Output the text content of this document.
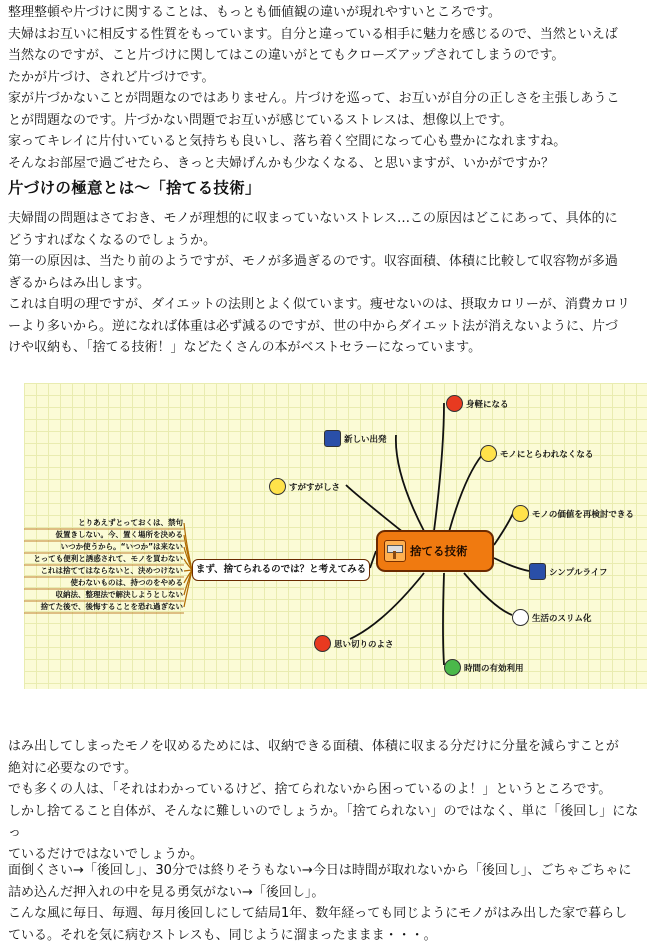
整理整頓や片づけに関することは、もっとも価値観の違いが現れやすいところです。

夫婦はお互いに相反する性質をもっています。自分と違っている相手に魅力を感じるので、当然といえば

当然なのですが、こと片づけに関してはこの違いがとてもクローズアップされてしまうのです。

たかが片づけ、されど片づけです。

家が片づかないことが問題なのではありません。片づけを巡って、お互いが自分の正しさを主張しあうこ

とが問題なのです。片づかない問題でお互いが感じているストレスは、想像以上です。

家ってキレイに片付いていると気持ちも良いし、落ち着く空間になって心も豊かになれますね。

そんなお部屋で過ごせたら、きっと夫婦げんかも少なくなる、と思いますが、いかがですか？

片づけの極意とは～「捨てる技術」

夫婦間の問題はさておき、モノが理想的に収まっていないストレス…この原因はどこにあって、具体的に

どうすればなくなるのでしょうか。

第一の原因は、当たり前のようですが、モノが多過ぎるのです。収容面積、体積に比較して収容物が多過

ぎるからはみ出します。

これは自明の理ですが、ダイエットの法則とよく似ています。痩せないのは、摂取カロリーが、消費カロリ

ーより多いから。逆になれば体重は必ず減るのですが、世の中からダイエット法が消えないように、片づ

けや収納も、「捨てる技術！」などたくさんの本がベストセラーになっています。

捨てる技術
まず、捨てられるのでは？と考えてみる
とりあえずとっておくは、禁句
仮置きしない。今、置く場所を決める
いつか使うから。“いつか”は来ない
とっても便利と誘惑されて、モノを買わない
これは捨ててはならないと、決めつけない
使わないものは、持つのをやめる
収納法、整理法で解決しようとしない
捨てた後で、後悔することを恐れ過ぎない
身軽になる
新しい出発
モノにとらわれなくなる
すがすがしさ
モノの価値を再検討できる
シンプルライフ
生活のスリム化
思い切りのよさ
時間の有効利用

はみ出してしまったモノを収めるためには、収納できる面積、体積に収まる分だけに分量を減らすことが

絶対に必要なのです。

でも多くの人は、「それはわかっているけど、捨てられないから困っているのよ！」というところです。

しかし捨てること自体が、そんなに難しいのでしょうか。「捨てられない」のではなく、単に「後回し」になっ

ているだけではないでしょうか。

面倒くさい→「後回し」、30分では終りそうもない→今日は時間が取れないから「後回し」、ごちゃごちゃに

詰め込んだ押入れの中を見る勇気がない→「後回し」。

こんな風に毎日、毎週、毎月後回しにして結局1年、数年経っても同じようにモノがはみ出した家で暮らし

ている。それを気に病むストレスも、同じように溜まったままま・・・。
